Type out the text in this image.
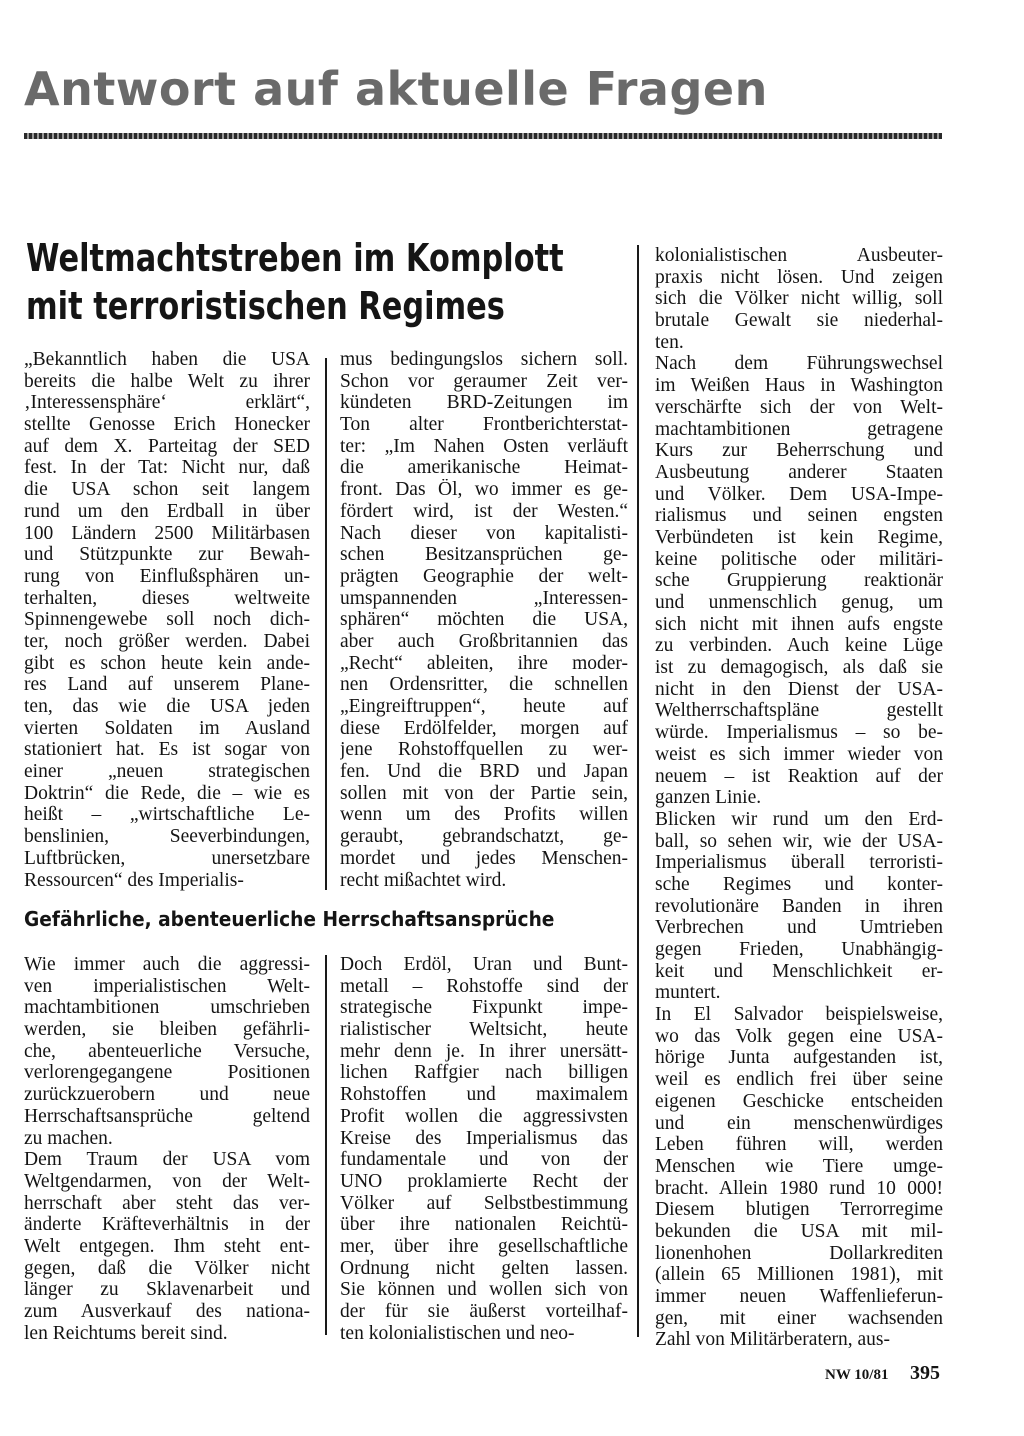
Antwort auf aktuelle Fragen
Weltmachtstreben im Komplott
mit terroristischen Regimes
„Bekanntlich haben die USA
bereits die halbe Welt zu ihrer
‚Interessensphäre‘ erklärt“,
stellte Genosse Erich Honecker
auf dem X. Parteitag der SED
fest. In der Tat: Nicht nur, daß
die USA schon seit langem
rund um den Erdball in über
100 Ländern 2500 Militärbasen
und Stützpunkte zur Bewah-
rung von Einflußsphären un-
terhalten, dieses weltweite
Spinnengewebe soll noch dich-
ter, noch größer werden. Dabei
gibt es schon heute kein ande-
res Land auf unserem Plane-
ten, das wie die USA jeden
vierten Soldaten im Ausland
stationiert hat. Es ist sogar von
einer „neuen strategischen
Doktrin“ die Rede, die – wie es
heißt – „wirtschaftliche Le-
benslinien, Seeverbindungen,
Luftbrücken, unersetzbare
Ressourcen“ des Imperialis-
mus bedingungslos sichern soll.
Schon vor geraumer Zeit ver-
kündeten BRD-Zeitungen im
Ton alter Frontberichterstat-
ter: „Im Nahen Osten verläuft
die amerikanische Heimat-
front. Das Öl, wo immer es ge-
fördert wird, ist der Westen.“
Nach dieser von kapitalisti-
schen Besitzansprüchen ge-
prägten Geographie der welt-
umspannenden „Interessen-
sphären“ möchten die USA,
aber auch Großbritannien das
„Recht“ ableiten, ihre moder-
nen Ordensritter, die schnellen
„Eingreiftruppen“, heute auf
diese Erdölfelder, morgen auf
jene Rohstoffquellen zu wer-
fen. Und die BRD und Japan
sollen mit von der Partie sein,
wenn um des Profits willen
geraubt, gebrandschatzt, ge-
mordet und jedes Menschen-
recht mißachtet wird.
Gefährliche, abenteuerliche Herrschaftsansprüche
Wie immer auch die aggressi-
ven imperialistischen Welt-
machtambitionen umschrieben
werden, sie bleiben gefährli-
che, abenteuerliche Versuche,
verlorengegangene Positionen
zurückzuerobern und neue
Herrschaftsansprüche geltend
zu machen.
Dem Traum der USA vom
Weltgendarmen, von der Welt-
herrschaft aber steht das ver-
änderte Kräfteverhältnis in der
Welt entgegen. Ihm steht ent-
gegen, daß die Völker nicht
länger zu Sklavenarbeit und
zum Ausverkauf des nationa-
len Reichtums bereit sind.
Doch Erdöl, Uran und Bunt-
metall – Rohstoffe sind der
strategische Fixpunkt impe-
rialistischer Weltsicht, heute
mehr denn je. In ihrer unersätt-
lichen Raffgier nach billigen
Rohstoffen und maximalem
Profit wollen die aggressivsten
Kreise des Imperialismus das
fundamentale und von der
UNO proklamierte Recht der
Völker auf Selbstbestimmung
über ihre nationalen Reichtü-
mer, über ihre gesellschaftliche
Ordnung nicht gelten lassen.
Sie können und wollen sich von
der für sie äußerst vorteilhaf-
ten kolonialistischen und neo-
kolonialistischen Ausbeuter-
praxis nicht lösen. Und zeigen
sich die Völker nicht willig, soll
brutale Gewalt sie niederhal-
ten.
Nach dem Führungswechsel
im Weißen Haus in Washington
verschärfte sich der von Welt-
machtambitionen getragene
Kurs zur Beherrschung und
Ausbeutung anderer Staaten
und Völker. Dem USA-Impe-
rialismus und seinen engsten
Verbündeten ist kein Regime,
keine politische oder militäri-
sche Gruppierung reaktionär
und unmenschlich genug, um
sich nicht mit ihnen aufs engste
zu verbinden. Auch keine Lüge
ist zu demagogisch, als daß sie
nicht in den Dienst der USA-
Weltherrschaftspläne gestellt
würde. Imperialismus – so be-
weist es sich immer wieder von
neuem – ist Reaktion auf der
ganzen Linie.
Blicken wir rund um den Erd-
ball, so sehen wir, wie der USA-
Imperialismus überall terroristi-
sche Regimes und konter-
revolutionäre Banden in ihren
Verbrechen und Umtrieben
gegen Frieden, Unabhängig-
keit und Menschlichkeit er-
muntert.
In El Salvador beispielsweise,
wo das Volk gegen eine USA-
hörige Junta aufgestanden ist,
weil es endlich frei über seine
eigenen Geschicke entscheiden
und ein menschenwürdiges
Leben führen will, werden
Menschen wie Tiere umge-
bracht. Allein 1980 rund 10 000!
Diesem blutigen Terrorregime
bekunden die USA mit mil-
lionenhohen Dollarkrediten
(allein 65 Millionen 1981), mit
immer neuen Waffenlieferun-
gen, mit einer wachsenden
Zahl von Militärberatern, aus-
NW 10/81 395
